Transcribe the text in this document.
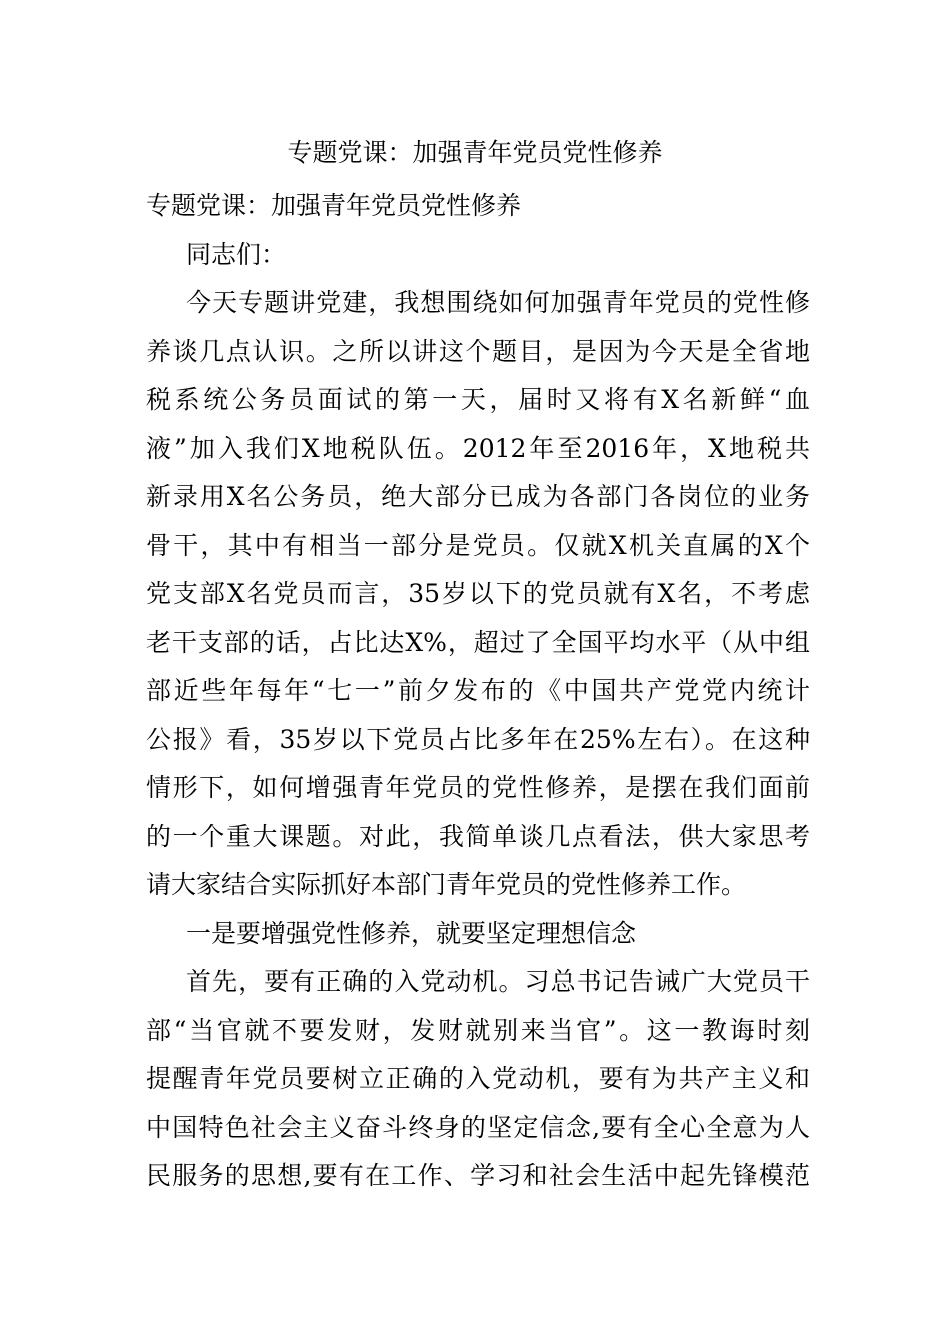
专题党课：加强青年党员党性修养
专题党课：加强青年党员党性修养
同志们：
今天专题讲党建，我想围绕如何加强青年党员的党性修
养谈几点认识。之所以讲这个题目，是因为今天是全省地
税系统公务员面试的第一天，届时又将有X名新鲜“血
液”加入我们X地税队伍。2012年至2016年，X地税共
新录用X名公务员，绝大部分已成为各部门各岗位的业务
骨干，其中有相当一部分是党员。仅就X机关直属的X个
党支部X名党员而言，35岁以下的党员就有X名，不考虑
老干支部的话，占比达X%，超过了全国平均水平（从中组
部近些年每年“七一”前夕发布的《中国共产党党内统计
公报》看，35岁以下党员占比多年在25%左右）。在这种
情形下，如何增强青年党员的党性修养，是摆在我们面前
的一个重大课题。对此，我简单谈几点看法，供大家思考
请大家结合实际抓好本部门青年党员的党性修养工作。
一是要增强党性修养，就要坚定理想信念
首先，要有正确的入党动机。习总书记告诫广大党员干
部“当官就不要发财，发财就别来当官”。这一教诲时刻
提醒青年党员要树立正确的入党动机，要有为共产主义和
中国特色社会主义奋斗终身的坚定信念,要有全心全意为人
民服务的思想,要有在工作、学习和社会生活中起先锋模范
